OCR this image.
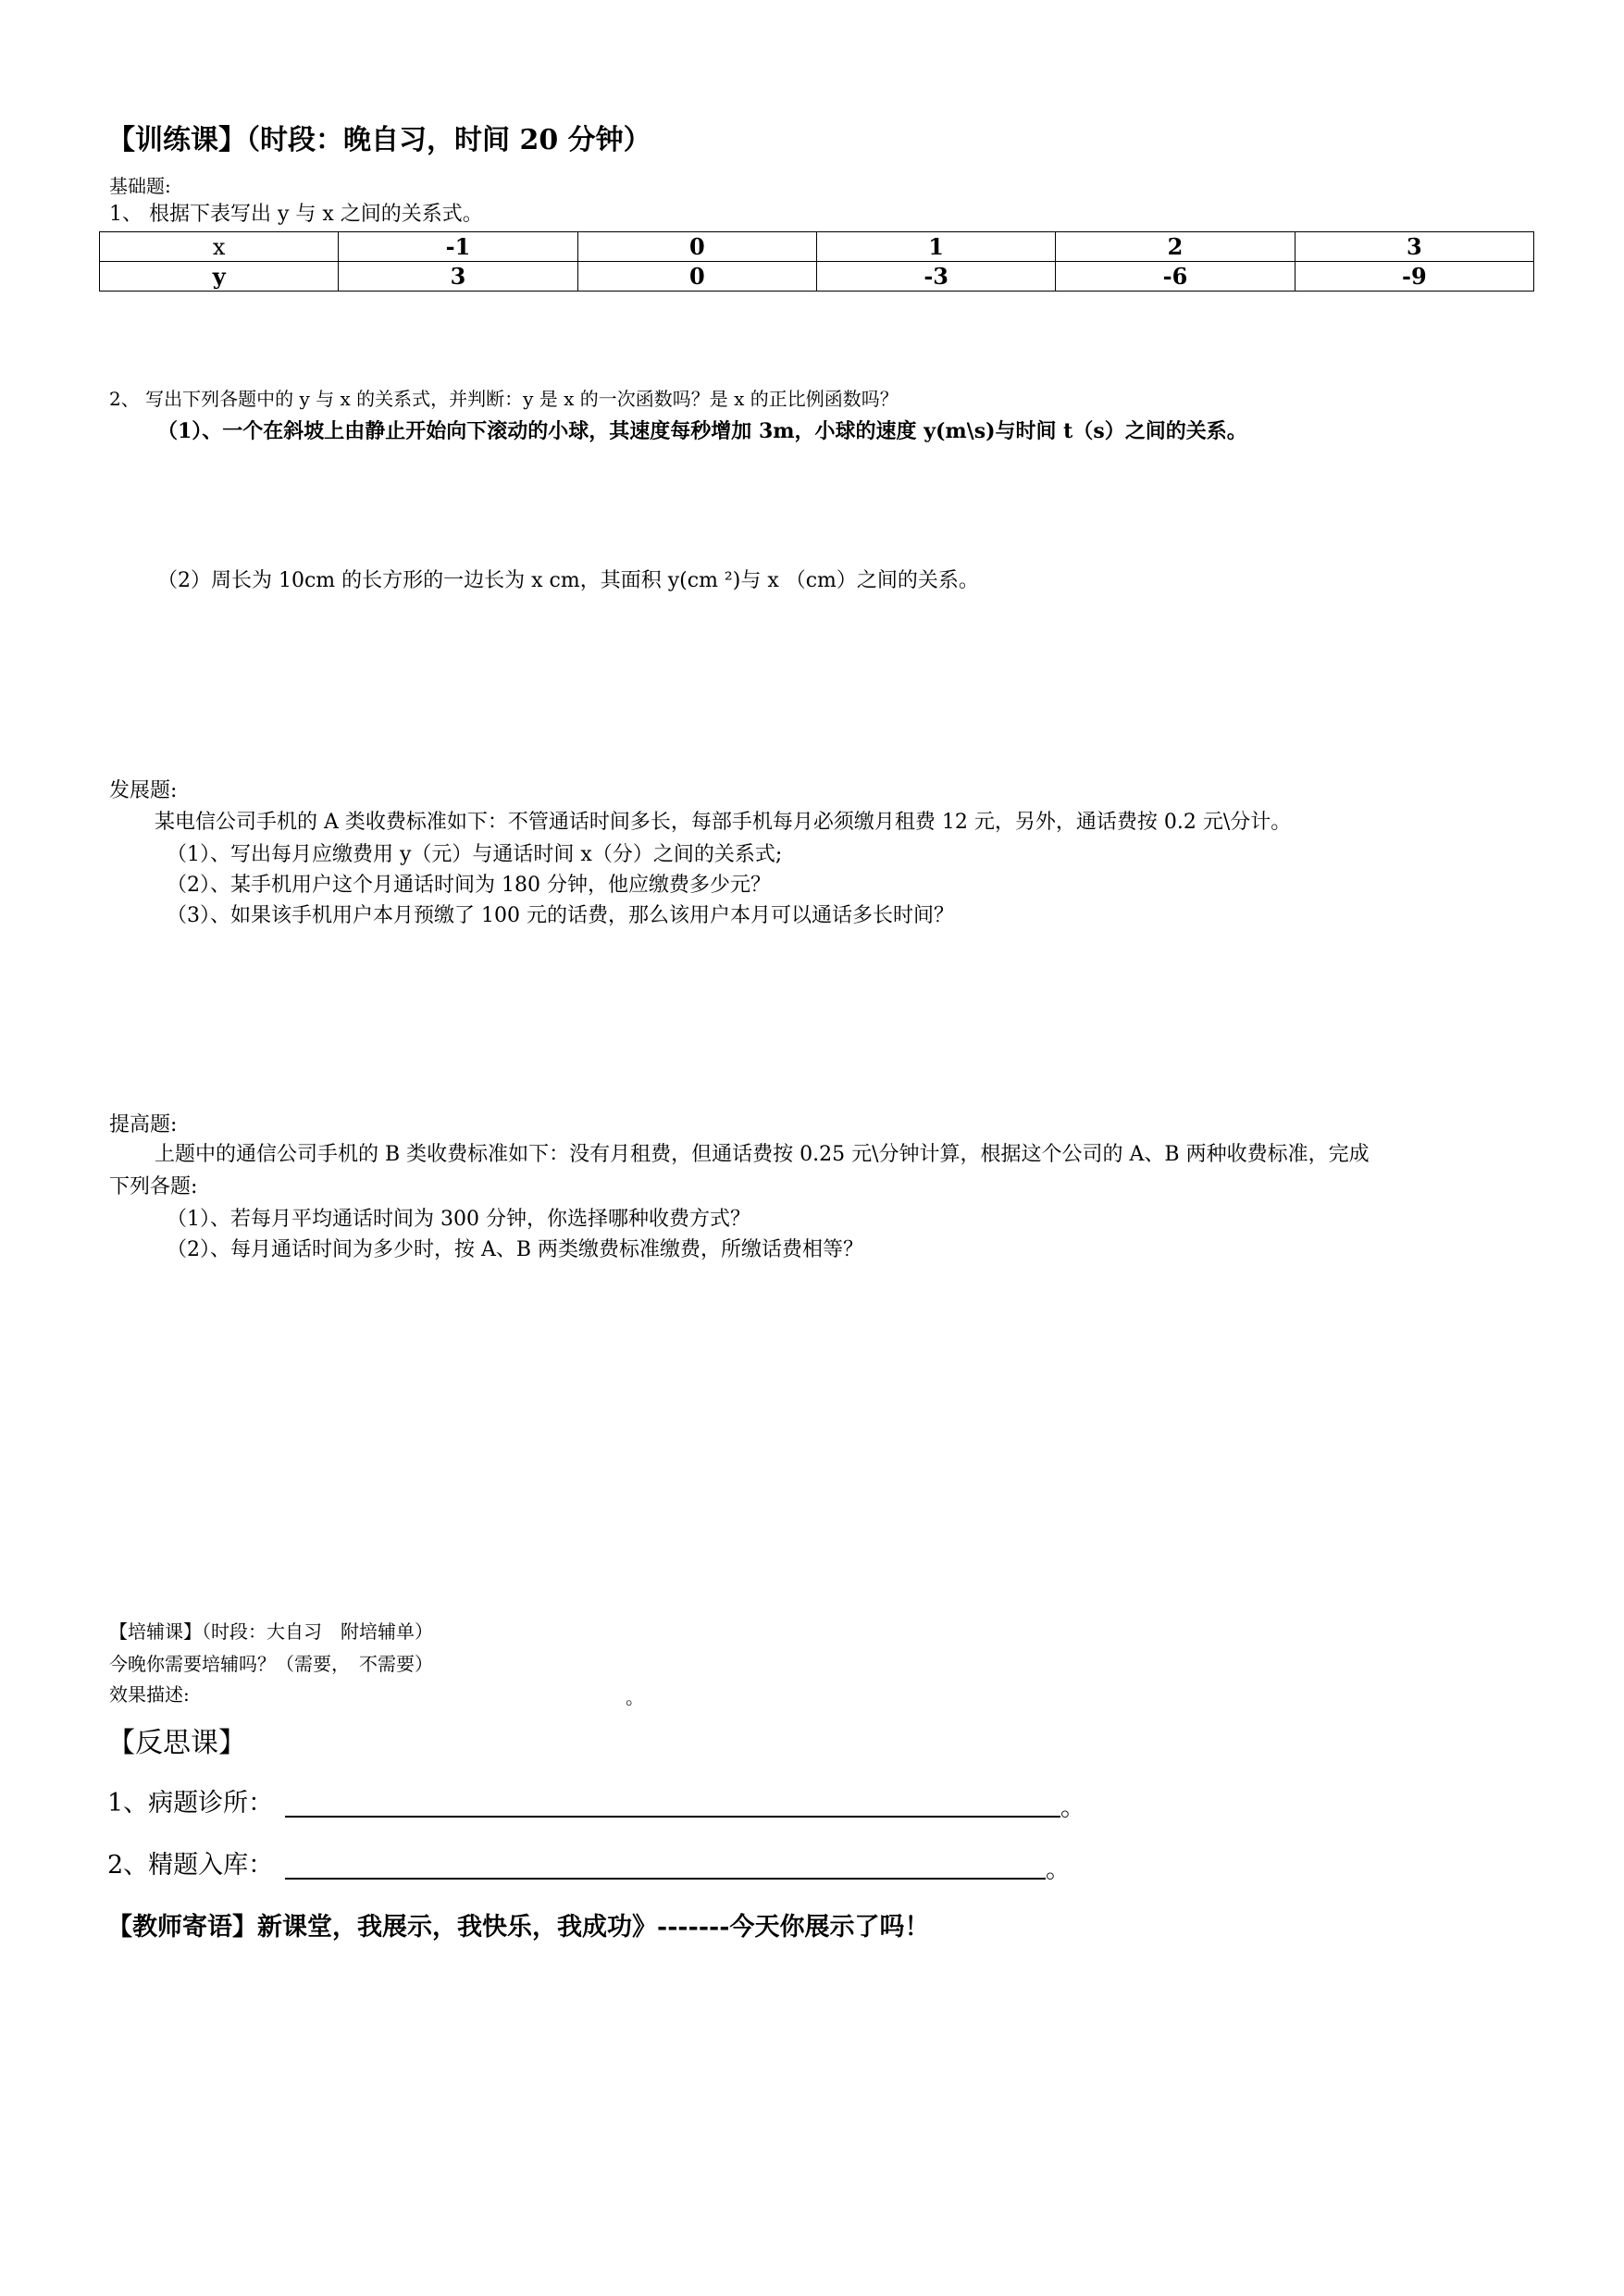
【训练课】（时段：晚自习，时间 20 分钟）
基础题:
1、 根据下表写出 y 与 x 之间的关系式。
x	-1	0	1	2	3
y	3	0	-3	-6	-9
2、 写出下列各题中的 y 与 x 的关系式，并判断：y 是 x 的一次函数吗？是 x 的正比例函数吗？
（1）、一个在斜坡上由静止开始向下滚动的小球，其速度每秒增加 3m，小球的速度 y(m\s)与时间 t（s）之间的关系。
（2）周长为 10cm 的长方形的一边长为 x cm，其面积 y(cm ²)与 x （cm）之间的关系。
发展题:
某电信公司手机的 A 类收费标准如下：不管通话时间多长，每部手机每月必须缴月租费 12 元，另外，通话费按 0.2 元\分计。
（1）、写出每月应缴费用 y（元）与通话时间 x（分）之间的关系式;
（2）、某手机用户这个月通话时间为 180 分钟，他应缴费多少元？
（3）、如果该手机用户本月预缴了 100 元的话费，那么该用户本月可以通话多长时间？
提高题:
上题中的通信公司手机的 B 类收费标准如下：没有月租费，但通话费按 0.25 元\分钟计算，根据这个公司的 A、B 两种收费标准，完成
下列各题:
（1）、若每月平均通话时间为 300 分钟，你选择哪种收费方式？
（2）、每月通话时间为多少时，按 A、B 两类缴费标准缴费，所缴话费相等？
【培辅课】（时段：大自习　附培辅单）
今晚你需要培辅吗？（需要，　不需要）
效果描述:	。
【反思课】
1、病题诊所：	。
2、精题入库：	。
【教师寄语】新课堂，我展示，我快乐，我成功》-------今天你展示了吗！
